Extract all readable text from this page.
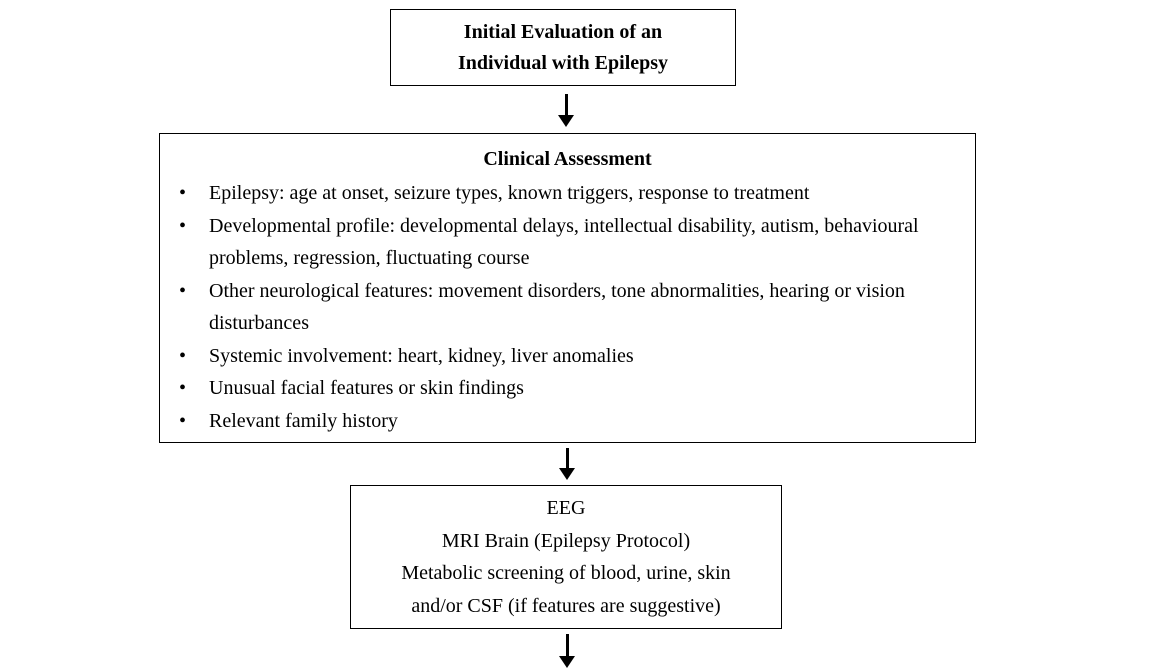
Initial Evaluation of an
Individual with Epilepsy
Clinical Assessment
• Epilepsy: age at onset, seizure types, known triggers, response to treatment
• Developmental profile: developmental delays, intellectual disability, autism, behavioural problems, regression, fluctuating course
• Other neurological features: movement disorders, tone abnormalities, hearing or vision disturbances
• Systemic involvement: heart, kidney, liver anomalies
• Unusual facial features or skin findings
• Relevant family history
EEG
MRI Brain (Epilepsy Protocol)
Metabolic screening of blood, urine, skin
and/or CSF (if features are suggestive)
